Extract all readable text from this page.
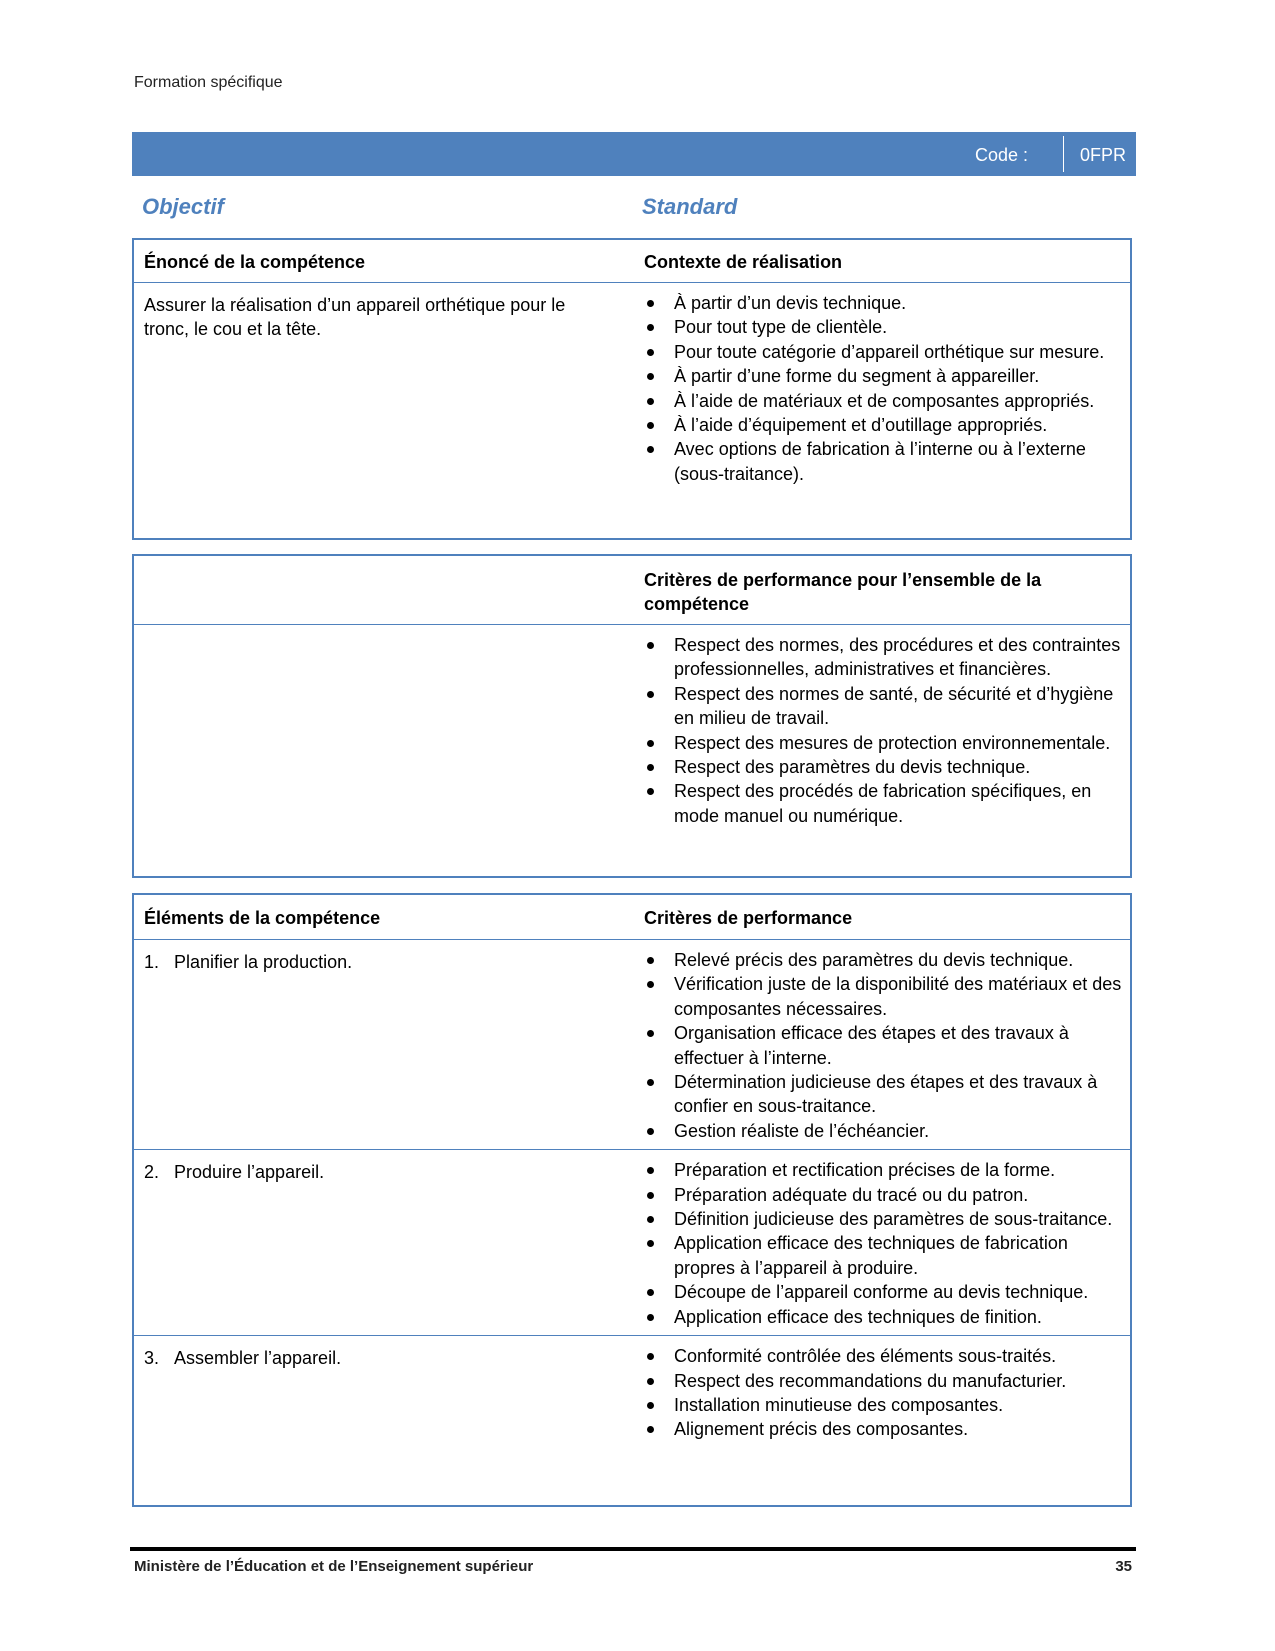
Formation spécifique
Code :	0FPR
Objectif	Standard
Énoncé de la compétence	Contexte de réalisation
Assurer la réalisation d’un appareil orthétique pour le tronc, le cou et la tête.
À partir d’un devis technique.
Pour tout type de clientèle.
Pour toute catégorie d’appareil orthétique sur mesure.
À partir d’une forme du segment à appareiller.
À l’aide de matériaux et de composantes appropriés.
À l’aide d’équipement et d’outillage appropriés.
Avec options de fabrication à l’interne ou à l’externe (sous-traitance).
Critères de performance pour l’ensemble de la compétence
Respect des normes, des procédures et des contraintes professionnelles, administratives et financières.
Respect des normes de santé, de sécurité et d’hygiène en milieu de travail.
Respect des mesures de protection environnementale.
Respect des paramètres du devis technique.
Respect des procédés de fabrication spécifiques, en mode manuel ou numérique.
Éléments de la compétence	Critères de performance
1. Planifier la production.	Relevé précis des paramètres du devis technique.
Vérification juste de la disponibilité des matériaux et des composantes nécessaires.
Organisation efficace des étapes et des travaux à effectuer à l’interne.
Détermination judicieuse des étapes et des travaux à confier en sous-traitance.
Gestion réaliste de l’échéancier.
2. Produire l’appareil.	Préparation et rectification précises de la forme.
Préparation adéquate du tracé ou du patron.
Définition judicieuse des paramètres de sous-traitance.
Application efficace des techniques de fabrication propres à l’appareil à produire.
Découpe de l’appareil conforme au devis technique.
Application efficace des techniques de finition.
3. Assembler l’appareil.	Conformité contrôlée des éléments sous-traités.
Respect des recommandations du manufacturier.
Installation minutieuse des composantes.
Alignement précis des composantes.
Ministère de l’Éducation et de l’Enseignement supérieur	35
